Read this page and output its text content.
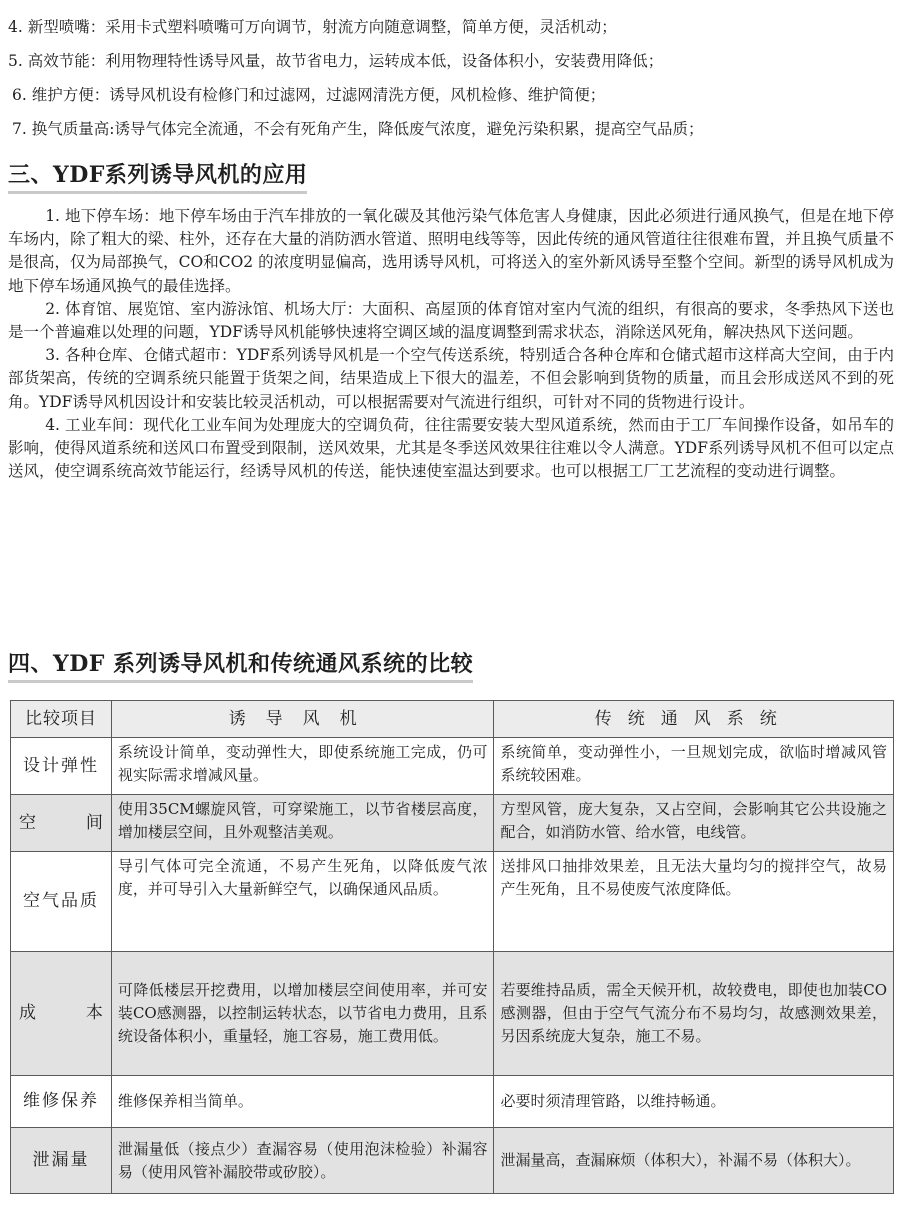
4. 新型喷嘴：采用卡式塑料喷嘴可万向调节，射流方向随意调整，简单方便，灵活机动；
5. 高效节能：利用物理特性诱导风量，故节省电力，运转成本低，设备体积小，安装费用降低；
6. 维护方便：诱导风机设有检修门和过滤网，过滤网清洗方便，风机检修、维护简便；
7. 换气质量高:诱导气体完全流通，不会有死角产生，降低废气浓度，避免污染积累，提高空气品质；
三、YDF系列诱导风机的应用

1. 地下停车场：地下停车场由于汽车排放的一氧化碳及其他污染气体危害人身健康，因此必须进行通风换气，但是在地下停车场内，除了粗大的梁、柱外，还存在大量的消防洒水管道、照明电线等等，因此传统的通风管道往往很难布置，并且换气质量不是很高，仅为局部换气，CO和CO2 的浓度明显偏高，选用诱导风机，可将送入的室外新风诱导至整个空间。新型的诱导风机成为地下停车场通风换气的最佳选择。

2. 体育馆、展览馆、室内游泳馆、机场大厅：大面积、高屋顶的体育馆对室内气流的组织，有很高的要求，冬季热风下送也是一个普遍难以处理的问题，YDF诱导风机能够快速将空调区域的温度调整到需求状态，消除送风死角，解决热风下送问题。

3. 各种仓库、仓储式超市：YDF系列诱导风机是一个空气传送系统，特别适合各种仓库和仓储式超市这样高大空间，由于内部货架高，传统的空调系统只能置于货架之间，结果造成上下很大的温差，不但会影响到货物的质量，而且会形成送风不到的死角。YDF诱导风机因设计和安装比较灵活机动，可以根据需要对气流进行组织，可针对不同的货物进行设计。

4. 工业车间：现代化工业车间为处理庞大的空调负荷，往往需要安装大型风道系统，然而由于工厂车间操作设备，如吊车的影响，使得风道系统和送风口布置受到限制，送风效果，尤其是冬季送风效果往往难以令人满意。YDF系列诱导风机不但可以定点送风，使空调系统高效节能运行，经诱导风机的传送，能快速使室温达到要求。也可以根据工厂工艺流程的变动进行调整。

四、YDF 系列诱导风机和传统通风系统的比较
比较项目	诱导风机	传统通风系统
设计弹性	系统设计简单，变动弹性大，即使系统施工完成，仍可视实际需求增减风量。	系统简单，变动弹性小，一旦规划完成，欲临时增减风管系统较困难。

空 间	使用35CM螺旋风管，可穿梁施工，以节省楼层高度，增加楼层空间，且外观整洁美观。	方型风管，庞大复杂，又占空间，会影响其它公共设施之配合，如消防水管、给水管，电线管。
空气品质	导引气体可完全流通，不易产生死角，以降低废气浓度，并可导引入大量新鲜空气，以确保通风品质。	送排风口抽排效果差，且无法大量均匀的搅拌空气，故易产生死角，且不易使废气浓度降低。

成 本	可降低楼层开挖费用，以增加楼层空间使用率，并可安装CO感测器，以控制运转状态，以节省电力费用，且系统设备体积小，重量轻，施工容易，施工费用低。	若要维持品质，需全天候开机，故较费电，即使也加装CO感测器，但由于空气气流分布不易均匀，故感测效果差，另因系统庞大复杂，施工不易。
维修保养	维修保养相当简单。	必要时须清理管路，以维持畅通。
泄漏量	泄漏量低（接点少）查漏容易（使用泡沫检验）补漏容易（使用风管补漏胶带或矽胶）。	泄漏量高，查漏麻烦（体积大），补漏不易（体积大）。
